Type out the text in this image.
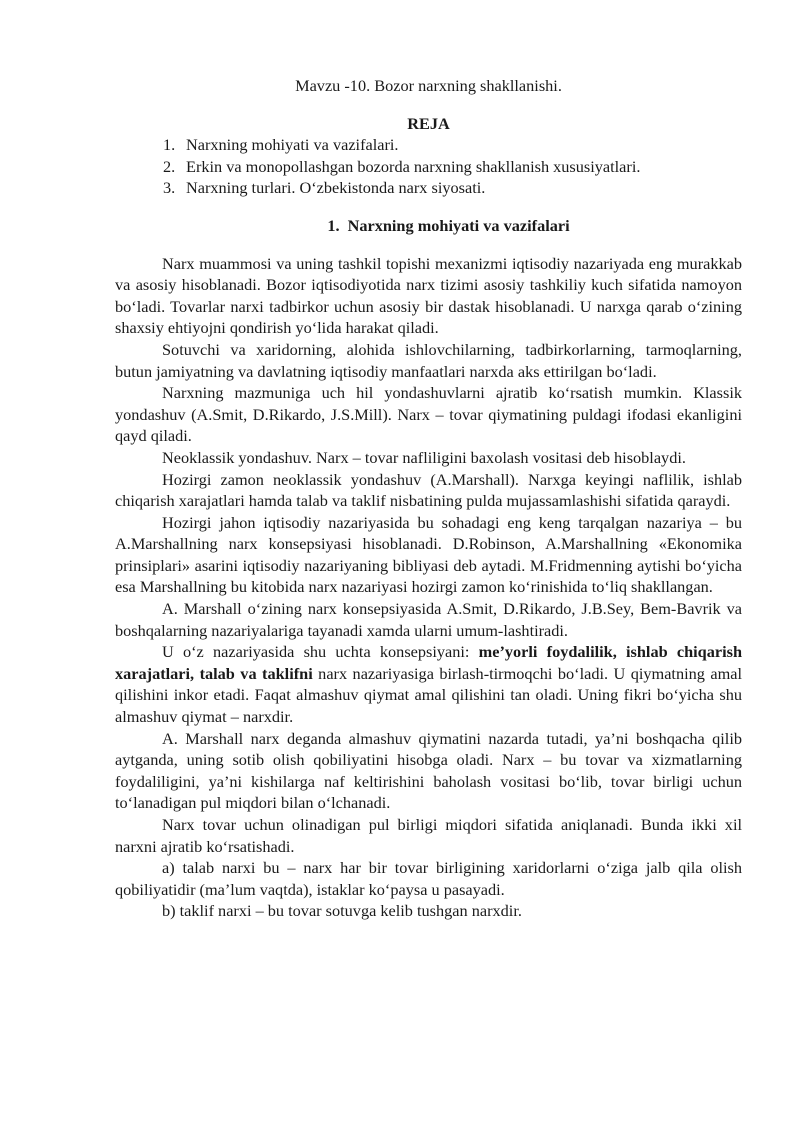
Mavzu -10. Bozor narxning shakllanishi.

REJA

1. Narxning mohiyati va vazifalari.
2. Erkin va monopollashgan bozorda narxning shakllanish xususiyatlari.
3. Narxning turlari. O‘zbekistonda narx siyosati.

1. Narxning mohiyati va vazifalari

Narx muammosi va uning tashkil topishi mexanizmi iqtisodiy nazariyada eng murakkab va asosiy hisoblanadi. Bozor iqtisodiyotida narx tizimi asosiy tashkiliy kuch sifatida namoyon bo‘ladi. Tovarlar narxi tadbirkor uchun asosiy bir dastak hisoblanadi. U narxga qarab o‘zining shaxsiy ehtiyojni qondirish yo‘lida harakat qiladi.

Sotuvchi va xaridorning, alohida ishlovchilarning, tadbirkorlarning, tarmoqlarning, butun jamiyatning va davlatning iqtisodiy manfaatlari narxda aks ettirilgan bo‘ladi.

Narxning mazmuniga uch hil yondashuvlarni ajratib ko‘rsatish mumkin. Klassik yondashuv (A.Smit, D.Rikardo, J.S.Mill). Narx – tovar qiymatining puldagi ifodasi ekanligini qayd qiladi.

Neoklassik yondashuv. Narx – tovar nafliligini baxolash vositasi deb hisoblaydi.

Hozirgi zamon neoklassik yondashuv (A.Marshall). Narxga keyingi naflilik, ishlab chiqarish xarajatlari hamda talab va taklif nisbatining pulda mujassamlashishi sifatida qaraydi.

Hozirgi jahon iqtisodiy nazariyasida bu sohadagi eng keng tarqalgan nazariya – bu A.Marshallning narx konsepsiyasi hisoblanadi. D.Robinson, A.Marshallning «Ekonomika prinsiplari» asarini iqtisodiy nazariyaning bibliyasi deb aytadi. M.Fridmenning aytishi bo‘yicha esa Marshallning bu kitobida narx nazariyasi hozirgi zamon ko‘rinishida to‘liq shakllangan.

A. Marshall o‘zining narx konsepsiyasida A.Smit, D.Rikardo, J.B.Sey, Bem-Bavrik va boshqalarning nazariyalariga tayanadi xamda ularni umum-lashtiradi.

U o‘z nazariyasida shu uchta konsepsiyani: me’yorli foydalilik, ishlab chiqarish xarajatlari, talab va taklifni narx nazariyasiga birlash-tirmoqchi bo‘ladi. U qiymatning amal qilishini inkor etadi. Faqat almashuv qiymat amal qilishini tan oladi. Uning fikri bo‘yicha shu almashuv qiymat – narxdir.

A. Marshall narx deganda almashuv qiymatini nazarda tutadi, ya’ni boshqacha qilib aytganda, uning sotib olish qobiliyatini hisobga oladi. Narx – bu tovar va xizmatlarning foydaliligini, ya’ni kishilarga naf keltirishini baholash vositasi bo‘lib, tovar birligi uchun to‘lanadigan pul miqdori bilan o‘lchanadi.

Narx tovar uchun olinadigan pul birligi miqdori sifatida aniqlanadi. Bunda ikki xil narxni ajratib ko‘rsatishadi.

a) talab narxi bu – narx har bir tovar birligining xaridorlarni o‘ziga jalb qila olish qobiliyatidir (ma’lum vaqtda), istaklar ko‘paysa u pasayadi.

b) taklif narxi – bu tovar sotuvga kelib tushgan narxdir.
